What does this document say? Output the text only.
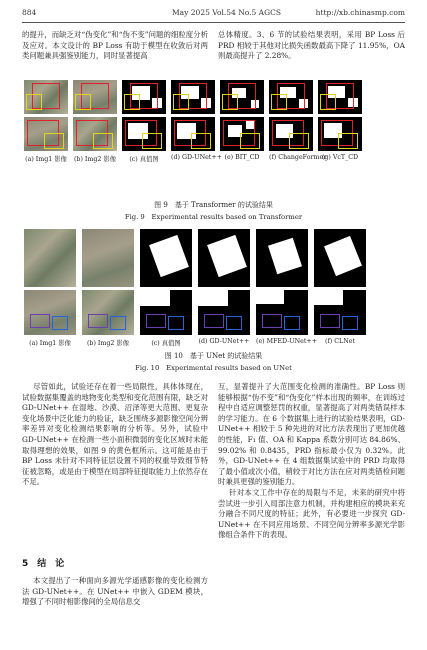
884	May 2025 Vol.54 No.5 AGCS	http://xb.chinasmp.com

的提升，而缺乏对“伪变化”和“伪不变”问题的细粒度分析及应对。本文设计的 BP Loss 有助于模型在收敛后对两类问题兼具强鉴别能力，同时显著提高

总体精度。3、6 节的试验结果表明，采用 BP Loss 后 PRD 相较于其他对比损失函数最高下降了 11.95%，OA 则最高提升了 2.28%。

(a) Img1 影像 (b) Img2 影像	(c) 真值图	(d) GD-UNet++ (e) BIT_CD	(f) ChangeFormer
(g) VcT_CD
图 9　基于 Transformer 的试验结果
Fig. 9　Experimental results based on Transformer
(a) Img1 影像	(b) Img2 影像	(c) 真值图	(d) GD-UNet++ (e) MFED-UNet++	(f) CLNet
图 10　基于 UNet 的试验结果
Fig. 10　Experimental results based on UNet

尽管如此，试验还存在着一些局限性，具体体现在，试验数据集覆盖的地物变化类型和变化范围有限，缺乏对 GD-UNet++ 在湿地、沙漠、沼泽等更大范围、更复杂变化场景中泛化能力的验证，缺乏围绕多源影像空间分辨率差异对变化检测结果影响的分析等。另外，试验中 GD-UNet++ 在检测一些小面积微弱的变化区域时未能取得理想的效果，如图 9 的黄色框所示。这可能是由于 BP Loss 未针对不同特征层设置不同的权重导致细节特征被忽略，或是由于模型在局部特征提取能力上依然存在不足。

5　结　论

本文提出了一种面向多源光学遥感影像的变化检测方法 GD-UNet++。在 UNet++ 中嵌入 GDEM 模块，增强了不同时相影像间的全局信息交

互，显著提升了大范围变化检测的准确性。BP Loss 则能够根据“伪不变”和“伪变化”样本出现的频率，在训练过程中自适应调整惩罚的权重，显著提高了对两类错误样本的学习能力。在 6 个数据集上进行的试验结果表明，GD-UNet++ 相较于 5 种先进的对比方法表现出了更加优越的性能，F₁ 值、OA 和 Kappa 系数分别可达 84.86%、99.02% 和 0.8435，PRD 指标最小仅为 0.32%。此外，GD-UNet++ 在 4 组数据集试验中的 PRD 均取得了最小值或次小值，稍较于对比方法在应对两类错检问题时兼具更强的鉴别能力。

针对本文工作中存在的局限与不足，未来的研究中将尝试进一步引入局部注意力机制，并构建相应的模块来充分融合不同尺度的特征；此外，有必要进一步探究 GD-UNet++ 在不同应用场景、不同空间分辨率多源光学影像组合条件下的表现。
